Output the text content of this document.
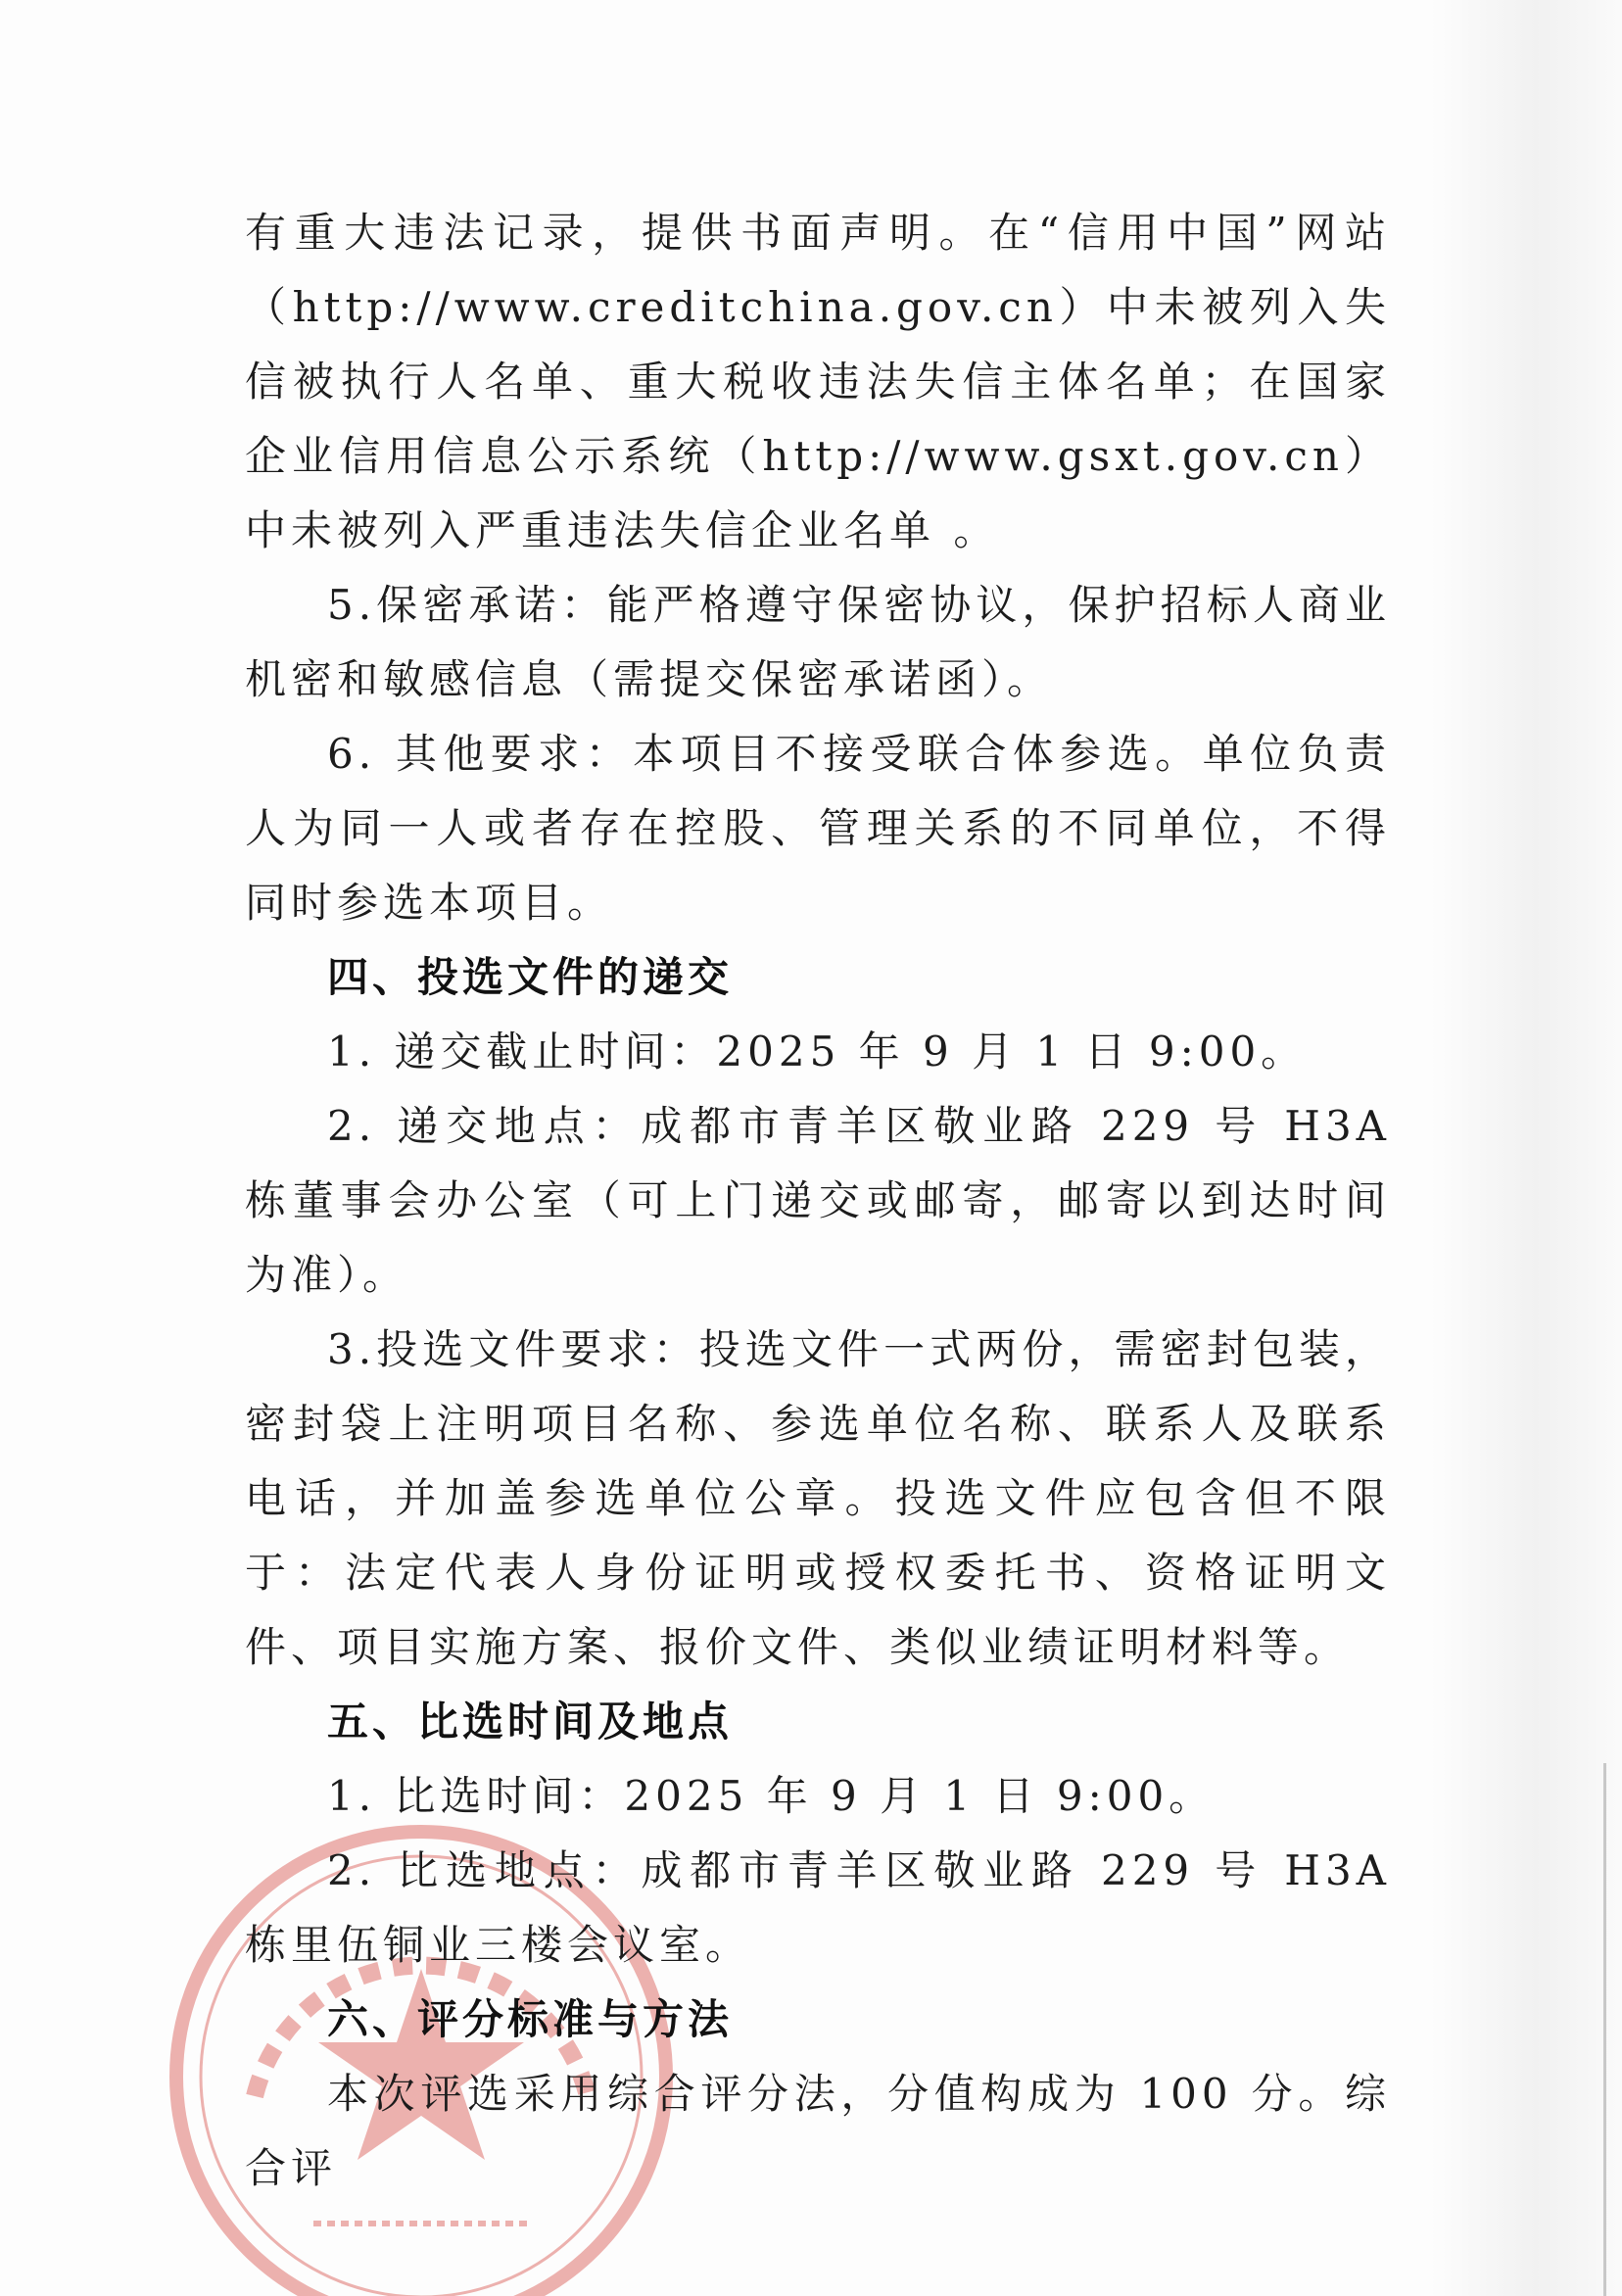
有重大违法记录，提供书面声明。在“信用中国”网站（http://www.creditchina.gov.cn）中未被列入失信被执行人名单、重大税收违法失信主体名单；在国家企业信用信息公示系统（http://www.gsxt.gov.cn）中未被列入严重违法失信企业名单 。

5.保密承诺：能严格遵守保密协议，保护招标人商业机密和敏感信息（需提交保密承诺函）。

6. 其他要求：本项目不接受联合体参选。单位负责人为同一人或者存在控股、管理关系的不同单位，不得同时参选本项目。

四、投选文件的递交

1. 递交截止时间：2025 年 9 月 1 日 9:00。

2. 递交地点：成都市青羊区敬业路 229 号 H3A 栋董事会办公室（可上门递交或邮寄，邮寄以到达时间为准）。

3.投选文件要求：投选文件一式两份，需密封包装，密封袋上注明项目名称、参选单位名称、联系人及联系电话，并加盖参选单位公章。投选文件应包含但不限于：法定代表人身份证明或授权委托书、资格证明文件、项目实施方案、报价文件、类似业绩证明材料等。

五、比选时间及地点

1. 比选时间：2025 年 9 月 1 日 9:00。

2. 比选地点：成都市青羊区敬业路 229 号 H3A 栋里伍铜业三楼会议室。

六、评分标准与方法

本次评选采用综合评分法，分值构成为 100 分。综合评
